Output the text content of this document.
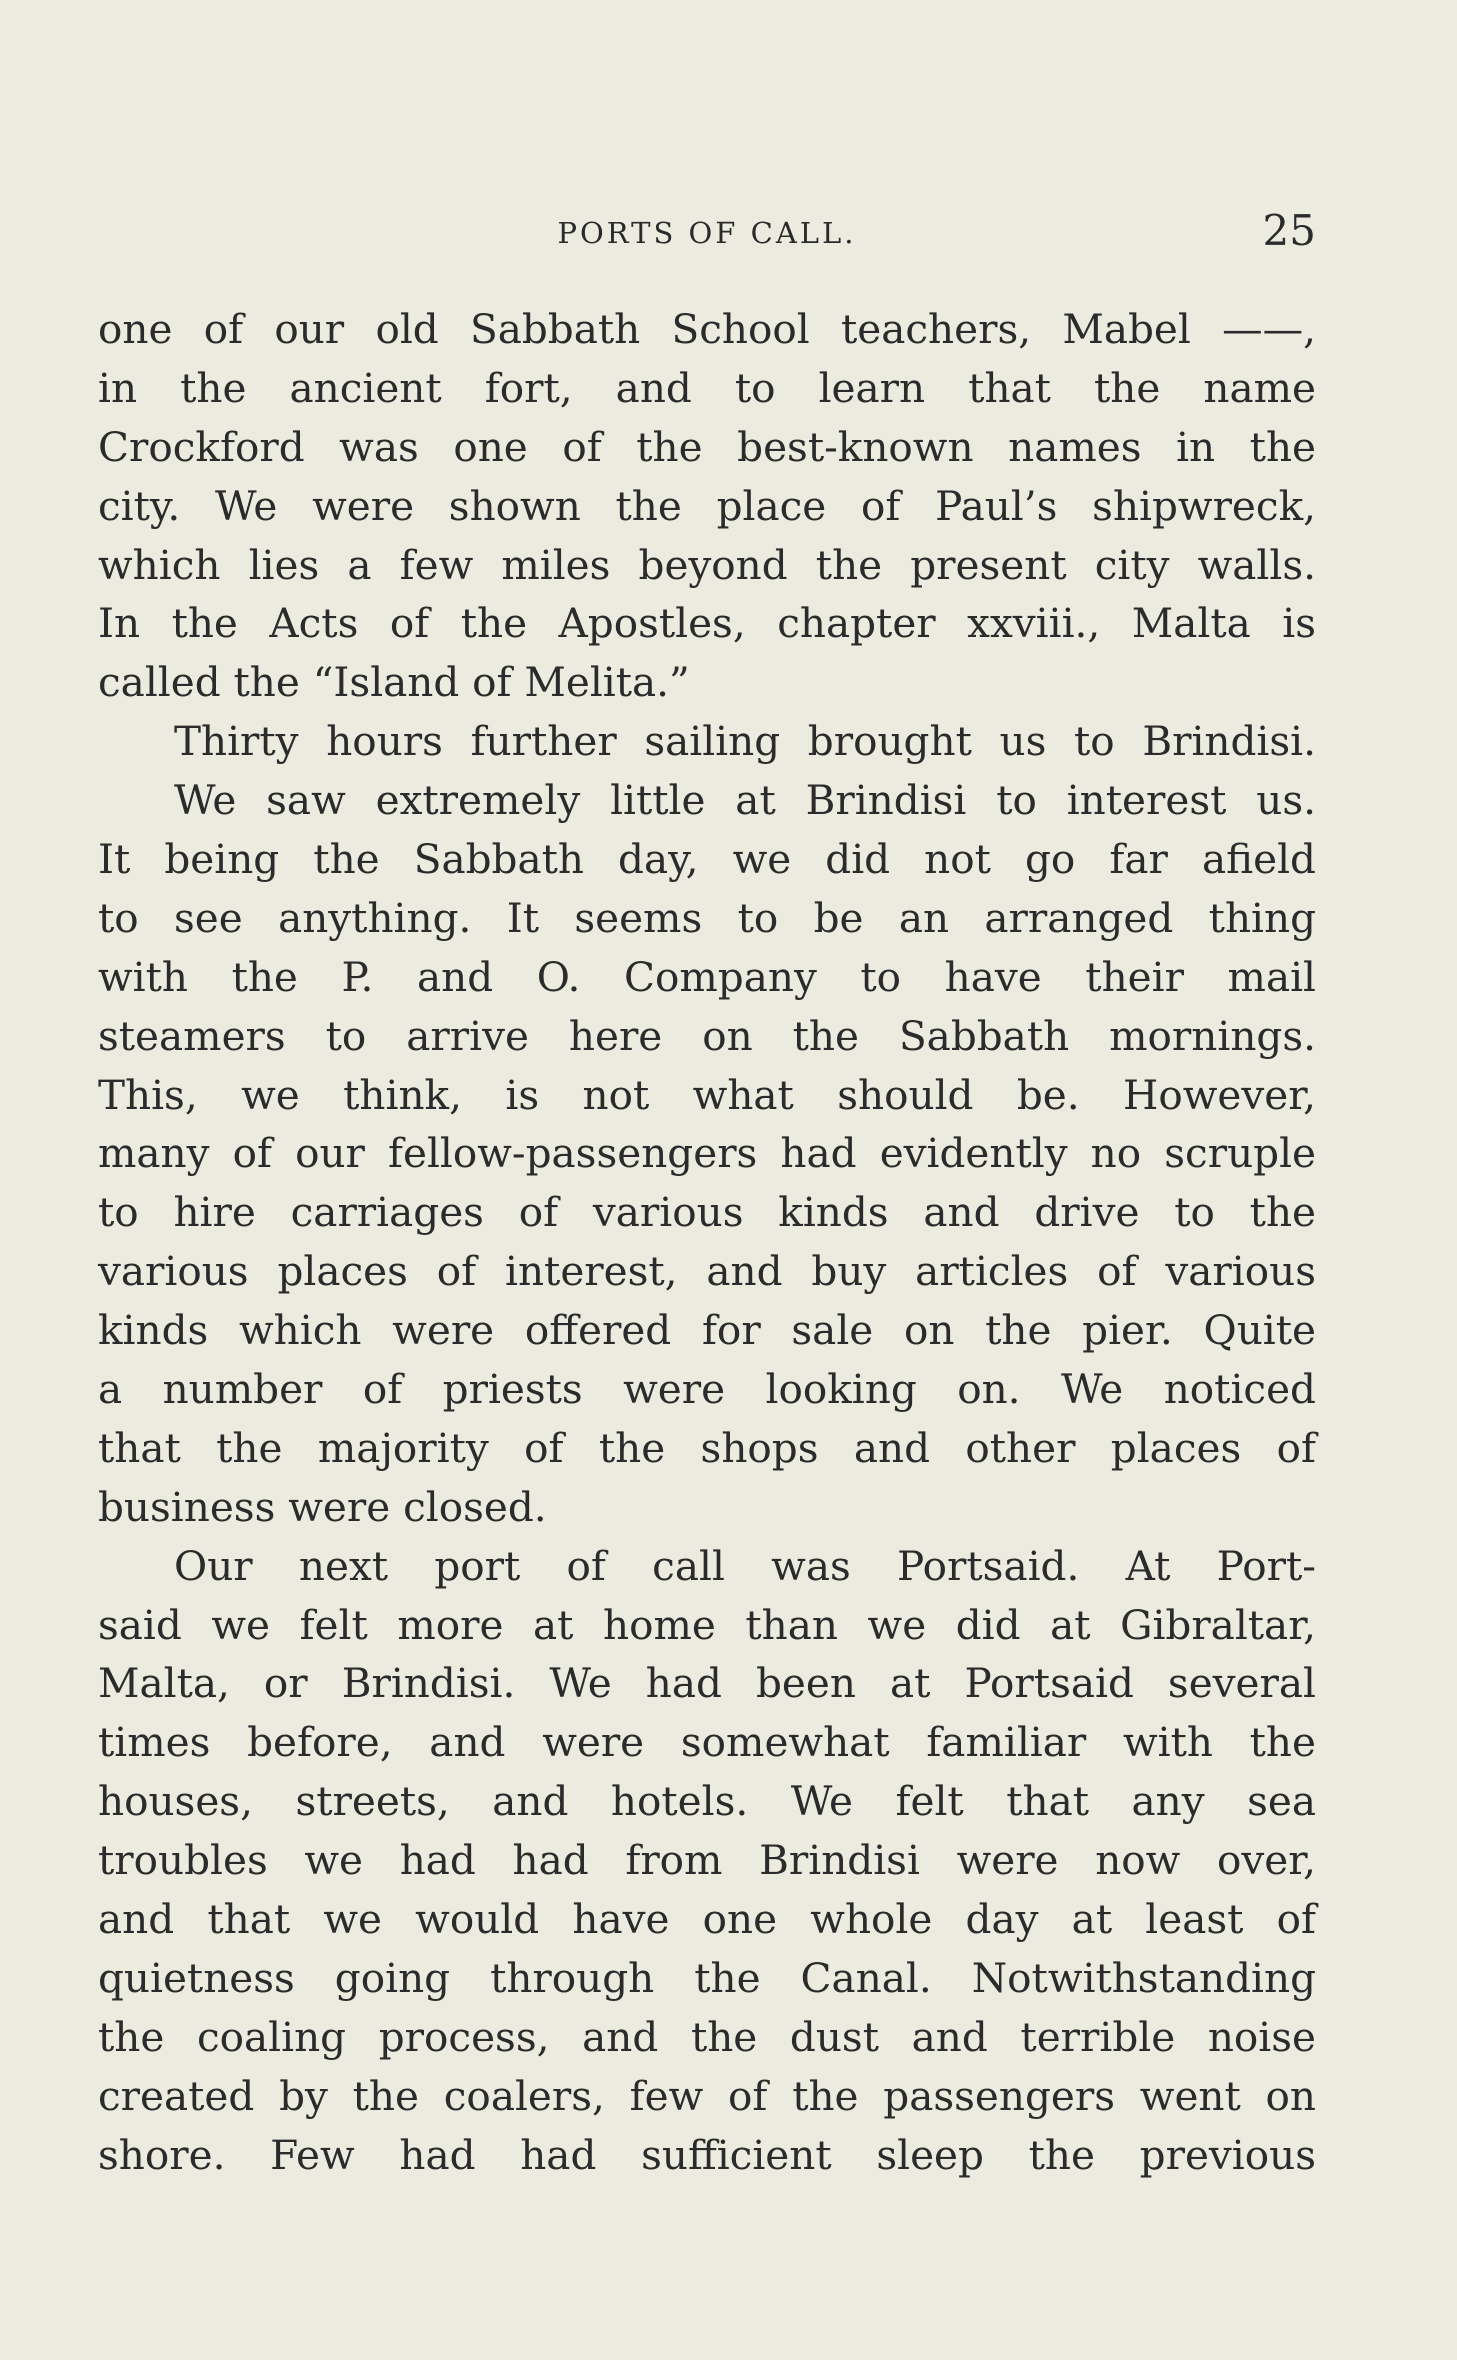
PORTS OF CALL.	25
one of our old Sabbath School teachers, Mabel ——,
in the ancient fort, and to learn that the name
Crockford was one of the best-known names in the
city. We were shown the place of Paul’s shipwreck,
which lies a few miles beyond the present city walls.
In the Acts of the Apostles, chapter xxviii., Malta is
called the “Island of Melita.”
Thirty hours further sailing brought us to Brindisi.
We saw extremely little at Brindisi to interest us.
It being the Sabbath day, we did not go far afield
to see anything. It seems to be an arranged thing
with the P. and O. Company to have their mail
steamers to arrive here on the Sabbath mornings.
This, we think, is not what should be. However,
many of our fellow-passengers had evidently no scruple
to hire carriages of various kinds and drive to the
various places of interest, and buy articles of various
kinds which were offered for sale on the pier. Quite
a number of priests were looking on. We noticed
that the majority of the shops and other places of
business were closed.
Our next port of call was Portsaid. At Port-
said we felt more at home than we did at Gibraltar,
Malta, or Brindisi. We had been at Portsaid several
times before, and were somewhat familiar with the
houses, streets, and hotels. We felt that any sea
troubles we had had from Brindisi were now over,
and that we would have one whole day at least of
quietness going through the Canal. Notwithstanding
the coaling process, and the dust and terrible noise
created by the coalers, few of the passengers went on
shore. Few had had sufficient sleep the previous
